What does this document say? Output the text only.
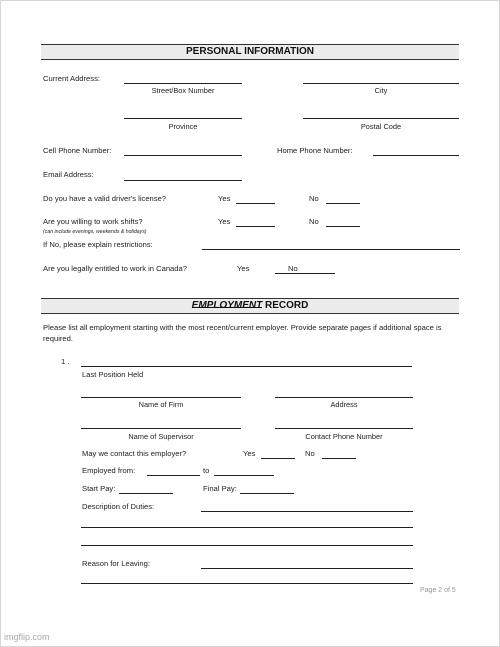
PERSONAL INFORMATION
Current Address:
Street/Box Number	City
Province	Postal Code
Cell Phone Number:	Home Phone Number:
Email Address:
Do you have a valid driver's license?	Yes	No
Are you willing to work shifts?	Yes	No
(can include evenings, weekends & holidays)
If No, please explain restrictions:
Are you legally entitled to work in Canada?	Yes	No
EMPLOYMENT RECORD
Please list all employment starting with the most recent/current employer. Provide separate pages if additional space is required.
1 .
Last Position Held
Name of Firm	Address
Name of Supervisor	Contact Phone Number
May we contact this employer?	Yes	No
Employed from:	to
Start Pay:	Final Pay:
Description of Duties:
Reason for Leaving:
Page 2 of 5
imgflip.com
